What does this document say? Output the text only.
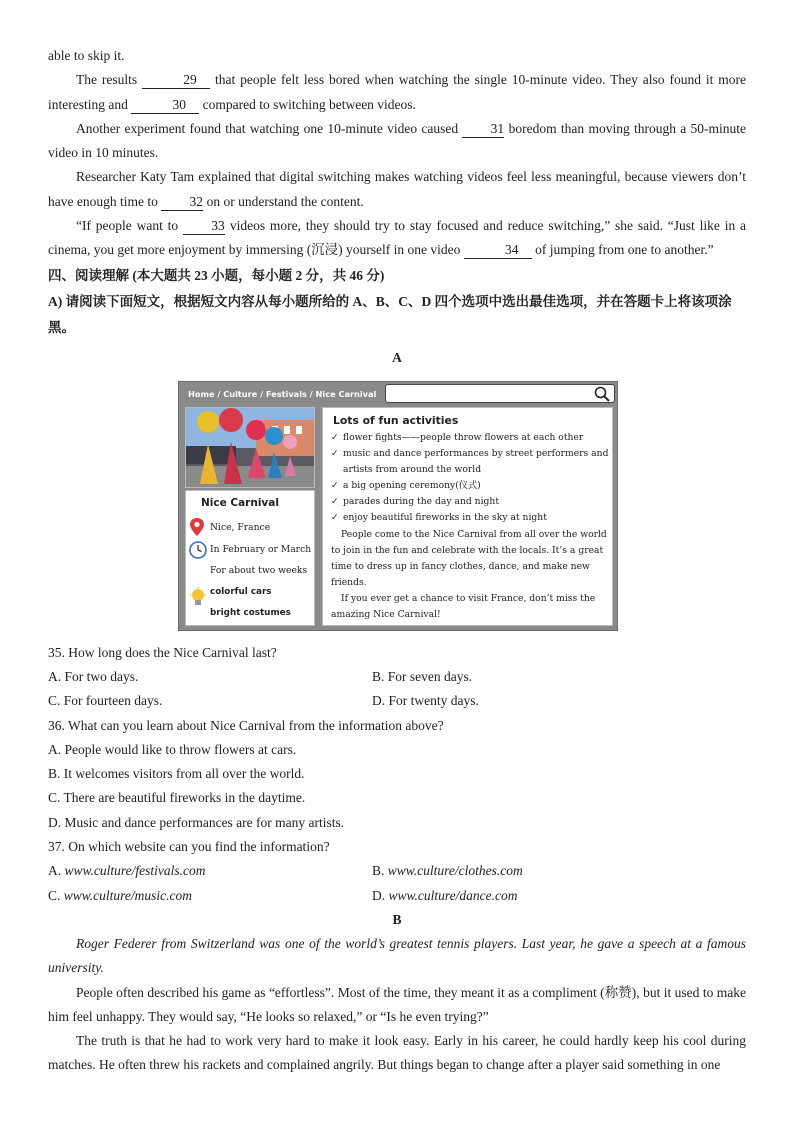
able to skip it.

The results	29 that people felt less bored when watching the single 10-minute video. They also found it more interesting and	30 compared to switching between videos.

Another experiment found that watching one 10-minute video caused 31 boredom than moving through a 50-minute video in 10 minutes.

Researcher Katy Tam explained that digital switching makes watching videos feel less meaningful, because viewers don’t have enough time to 32 on or understand the content.

“If people want to 33 videos more, they should try to stay focused and reduce switching,” she said. “Just like in a cinema, you get more enjoyment by immersing (沉浸) yourself in one video	34 of jumping from one to another.”

四、阅读理解 (本大题共 23 小题，每小题 2 分，共 46 分)

A) 请阅读下面短文，根据短文内容从每小题所给的 A、B、C、D 四个选项中选出最佳选项，并在答题卡上将该项涂黑。

A

Home / Culture / Festivals / Nice Carnival
Nice Carnival
Nice, France
In February or March
For about two weeks
colorful cars
bright costumes
Lots of fun activities
✓ flower fights——people throw flowers at each other
✓ music and dance performances by street performers and
artists from around the world
✓ a big opening ceremony(仪式)
✓ parades during the day and night
✓ enjoy beautiful fireworks in the sky at night
People come to the Nice Carnival from all over the world to join in the fun and celebrate with the locals. It’s a great time to dress up in fancy clothes, dance, and make new friends.
If you ever get a chance to visit France, don’t miss the amazing Nice Carnival!

35. How long does the Nice Carnival last?

A. For two days.	B. For seven days.
C. For fourteen days.	D. For twenty days.

36. What can you learn about Nice Carnival from the information above?

A. People would like to throw flowers at cars.

B. It welcomes visitors from all over the world.

C. There are beautiful fireworks in the daytime.

D. Music and dance performances are for many artists.

37. On which website can you find the information?

A. www.culture/festivals.com	B. www.culture/clothes.com
C. www.culture/music.com	D. www.culture/dance.com

B

Roger Federer from Switzerland was one of the world’s greatest tennis players. Last year, he gave a speech at a famous university.

People often described his game as “effortless”. Most of the time, they meant it as a compliment (称赞), but it used to make him feel unhappy. They would say, “He looks so relaxed,” or “Is he even trying?”

The truth is that he had to work very hard to make it look easy. Early in his career, he could hardly keep his cool during matches. He often threw his rackets and complained angrily. But things began to change after a player said something in one
